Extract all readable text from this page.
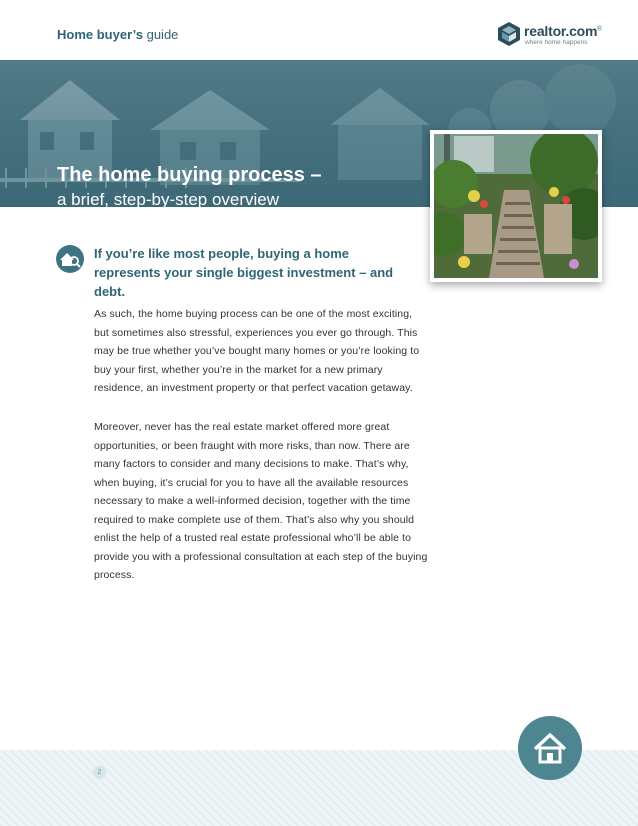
Home buyer’s guide	realtor.com®
where home happens
The home buying process –
a brief, step-by-step overview
If you’re like most people, buying a home represents your single biggest investment – and debt.
As such, the home buying process can be one of the most exciting, but sometimes also stressful, experiences you ever go through. This may be true whether you’ve bought many homes or you’re looking to buy your first, whether you’re in the market for a new primary residence, an investment property or that perfect vacation getaway.
Moreover, never has the real estate market offered more great opportunities, or been fraught with more risks, than now. There are many factors to consider and many decisions to make. That’s why, when buying, it’s crucial for you to have all the available resources necessary to make a well-informed decision, together with the time required to make complete use of them. That’s also why you should enlist the help of a trusted real estate professional who’ll be able to provide you with a professional consultation at each step of the buying process.
2
